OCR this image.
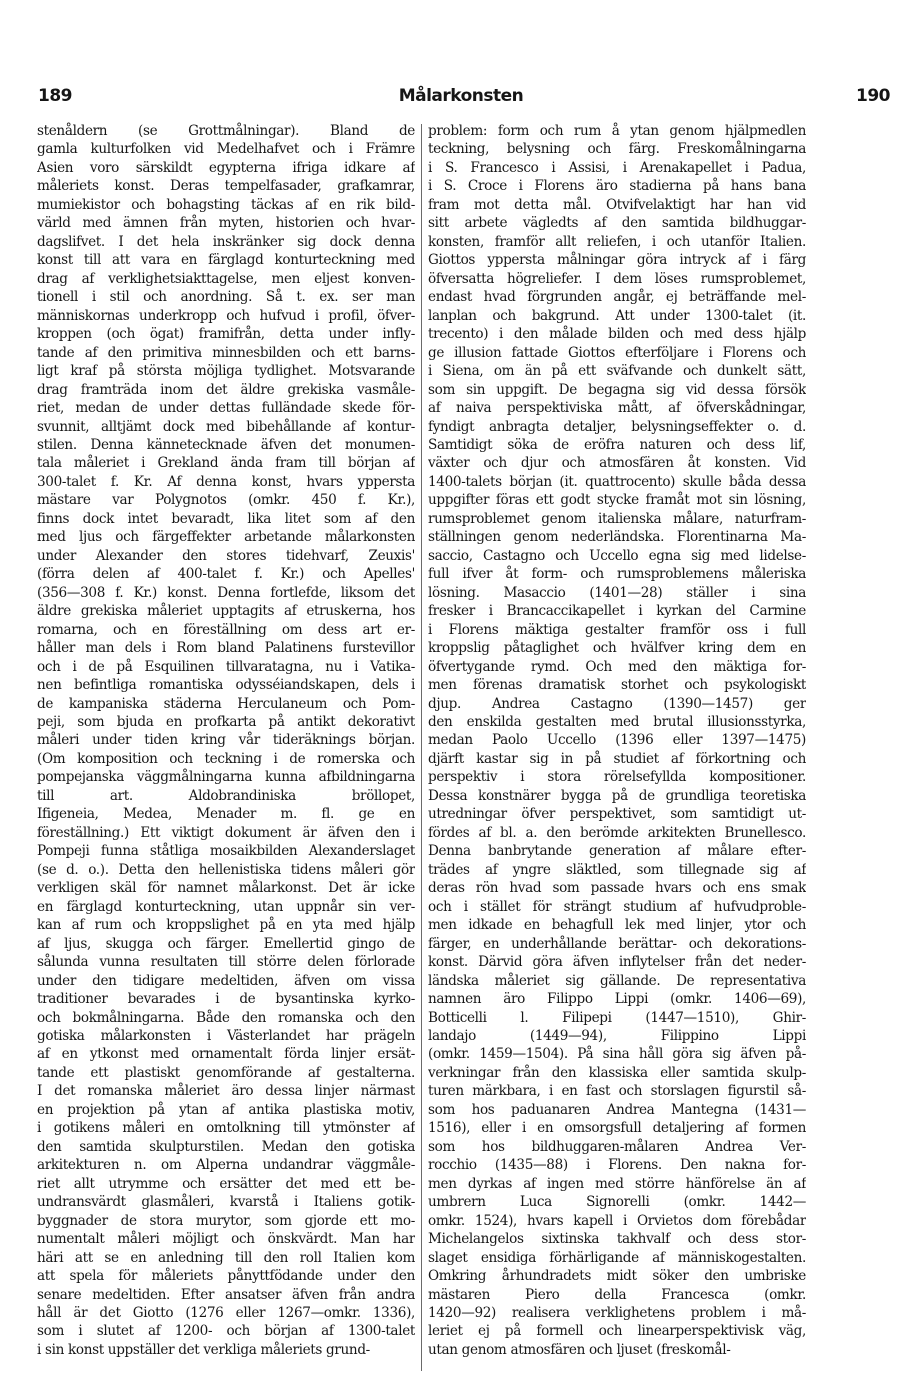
189	Målarkonsten	190
stenåldern (se Grottmålningar). Bland de
gamla kulturfolken vid Medelhafvet och i Främre
Asien voro särskildt egypterna ifriga idkare af
måleriets konst. Deras tempelfasader, grafkamrar,
mumiekistor och bohagsting täckas af en rik bild-
värld med ämnen från myten, historien och hvar-
dagslifvet. I det hela inskränker sig dock denna
konst till att vara en färglagd konturteckning med
drag af verklighetsiakttagelse, men eljest konven-
tionell i stil och anordning. Så t. ex. ser man
människornas underkropp och hufvud i profil, öfver-
kroppen (och ögat) framifrån, detta under infly-
tande af den primitiva minnesbilden och ett barns-
ligt kraf på största möjliga tydlighet. Motsvarande
drag framträda inom det äldre grekiska vasmåle-
riet, medan de under dettas fulländade skede för-
svunnit, alltjämt dock med bibehållande af kontur-
stilen. Denna kännetecknade äfven det monumen-
tala måleriet i Grekland ända fram till början af
300-talet f. Kr. Af denna konst, hvars yppersta
mästare var Polygnotos (omkr. 450 f. Kr.),
finns dock intet bevaradt, lika litet som af den
med ljus och färgeffekter arbetande målarkonsten
under Alexander den stores tidehvarf, Zeuxis'
(förra delen af 400-talet f. Kr.) och Apelles'
(356—308 f. Kr.) konst. Denna fortlefde, liksom det
äldre grekiska måleriet upptagits af etruskerna, hos
romarna, och en föreställning om dess art er-
håller man dels i Rom bland Palatinens furstevillor
och i de på Esquilinen tillvaratagna, nu i Vatika-
nen befintliga romantiska odysséiandskapen, dels i
de kampaniska städerna Herculaneum och Pom-
peji, som bjuda en profkarta på antikt dekorativt
måleri under tiden kring vår tideräknings början.
(Om komposition och teckning i de romerska och
pompejanska väggmålningarna kunna afbildningarna
till art. Aldobrandiniska bröllopet,
Ifigeneia, Medea, Menader m. fl. ge en
föreställning.) Ett viktigt dokument är äfven den i
Pompeji funna ståtliga mosaikbilden Alexanderslaget
(se d. o.). Detta den hellenistiska tidens måleri gör
verkligen skäl för namnet målarkonst. Det är icke
en färglagd konturteckning, utan uppnår sin ver-
kan af rum och kroppslighet på en yta med hjälp
af ljus, skugga och färger. Emellertid gingo de
sålunda vunna resultaten till större delen förlorade
under den tidigare medeltiden, äfven om vissa
traditioner bevarades i de bysantinska kyrko-
och bokmålningarna. Både den romanska och den
gotiska målarkonsten i Västerlandet har prägeln
af en ytkonst med ornamentalt förda linjer ersät-
tande ett plastiskt genomförande af gestalterna.
I det romanska måleriet äro dessa linjer närmast
en projektion på ytan af antika plastiska motiv,
i gotikens måleri en omtolkning till ytmönster af
den samtida skulpturstilen. Medan den gotiska
arkitekturen n. om Alperna undandrar väggmåle-
riet allt utrymme och ersätter det med ett be-
undransvärdt glasmåleri, kvarstå i Italiens gotik-
byggnader de stora murytor, som gjorde ett mo-
numentalt måleri möjligt och önskvärdt. Man har
häri att se en anledning till den roll Italien kom
att spela för måleriets pånyttfödande under den
senare medeltiden. Efter ansatser äfven från andra
håll är det Giotto (1276 eller 1267—omkr. 1336),
som i slutet af 1200- och början af 1300-talet
i sin konst uppställer det verkliga måleriets grund-
problem: form och rum å ytan genom hjälpmedlen
teckning, belysning och färg. Freskomålningarna
i S. Francesco i Assisi, i Arenakapellet i Padua,
i S. Croce i Florens äro stadierna på hans bana
fram mot detta mål. Otvifvelaktigt har han vid
sitt arbete vägledts af den samtida bildhuggar-
konsten, framför allt reliefen, i och utanför Italien.
Giottos yppersta målningar göra intryck af i färg
öfversatta högreliefer. I dem löses rumsproblemet,
endast hvad förgrunden angår, ej beträffande mel-
lanplan och bakgrund. Att under 1300-talet (it.
trecento) i den målade bilden och med dess hjälp
ge illusion fattade Giottos efterföljare i Florens och
i Siena, om än på ett sväfvande och dunkelt sätt,
som sin uppgift. De begagna sig vid dessa försök
af naiva perspektiviska mått, af öfverskådningar,
fyndigt anbragta detaljer, belysningseffekter o. d.
Samtidigt söka de eröfra naturen och dess lif,
växter och djur och atmosfären åt konsten. Vid
1400-talets början (it. quattrocento) skulle båda dessa
uppgifter föras ett godt stycke framåt mot sin lösning,
rumsproblemet genom italienska målare, naturfram-
ställningen genom nederländska. Florentinarna Ma-
saccio, Castagno och Uccello egna sig med lidelse-
full ifver åt form- och rumsproblemens måleriska
lösning. Masaccio (1401—28) ställer i sina
fresker i Brancaccikapellet i kyrkan del Carmine
i Florens mäktiga gestalter framför oss i full
kroppslig påtaglighet och hvälfver kring dem en
öfvertygande rymd. Och med den mäktiga for-
men förenas dramatisk storhet och psykologiskt
djup. Andrea Castagno (1390—1457) ger
den enskilda gestalten med brutal illusionsstyrka,
medan Paolo Uccello (1396 eller 1397—1475)
djärft kastar sig in på studiet af förkortning och
perspektiv i stora rörelsefyllda kompositioner.
Dessa konstnärer bygga på de grundliga teoretiska
utredningar öfver perspektivet, som samtidigt ut-
fördes af bl. a. den berömde arkitekten Brunellesco.
Denna banbrytande generation af målare efter-
trädes af yngre släktled, som tillegnade sig af
deras rön hvad som passade hvars och ens smak
och i stället för strängt studium af hufvudproble-
men idkade en behagfull lek med linjer, ytor och
färger, en underhållande berättar- och dekorations-
konst. Därvid göra äfven inflytelser från det neder-
ländska måleriet sig gällande. De representativa
namnen äro Filippo Lippi (omkr. 1406—69),
Botticelli l. Filipepi (1447—1510), Ghir-
landajo (1449—94), Filippino Lippi
(omkr. 1459—1504). På sina håll göra sig äfven på-
verkningar från den klassiska eller samtida skulp-
turen märkbara, i en fast och storslagen figurstil så-
som hos paduanaren Andrea Mantegna (1431—
1516), eller i en omsorgsfull detaljering af formen
som hos bildhuggaren-målaren Andrea Ver-
rocchio (1435—88) i Florens. Den nakna for-
men dyrkas af ingen med större hänförelse än af
umbrern Luca Signorelli (omkr. 1442—
omkr. 1524), hvars kapell i Orvietos dom förebådar
Michelangelos sixtinska takhvalf och dess stor-
slaget ensidiga förhärligande af människogestalten.
Omkring århundradets midt söker den umbriske
mästaren Piero della Francesca (omkr.
1420—92) realisera verklighetens problem i må-
leriet ej på formell och linearperspektivisk väg,
utan genom atmosfären och ljuset (freskomål-
